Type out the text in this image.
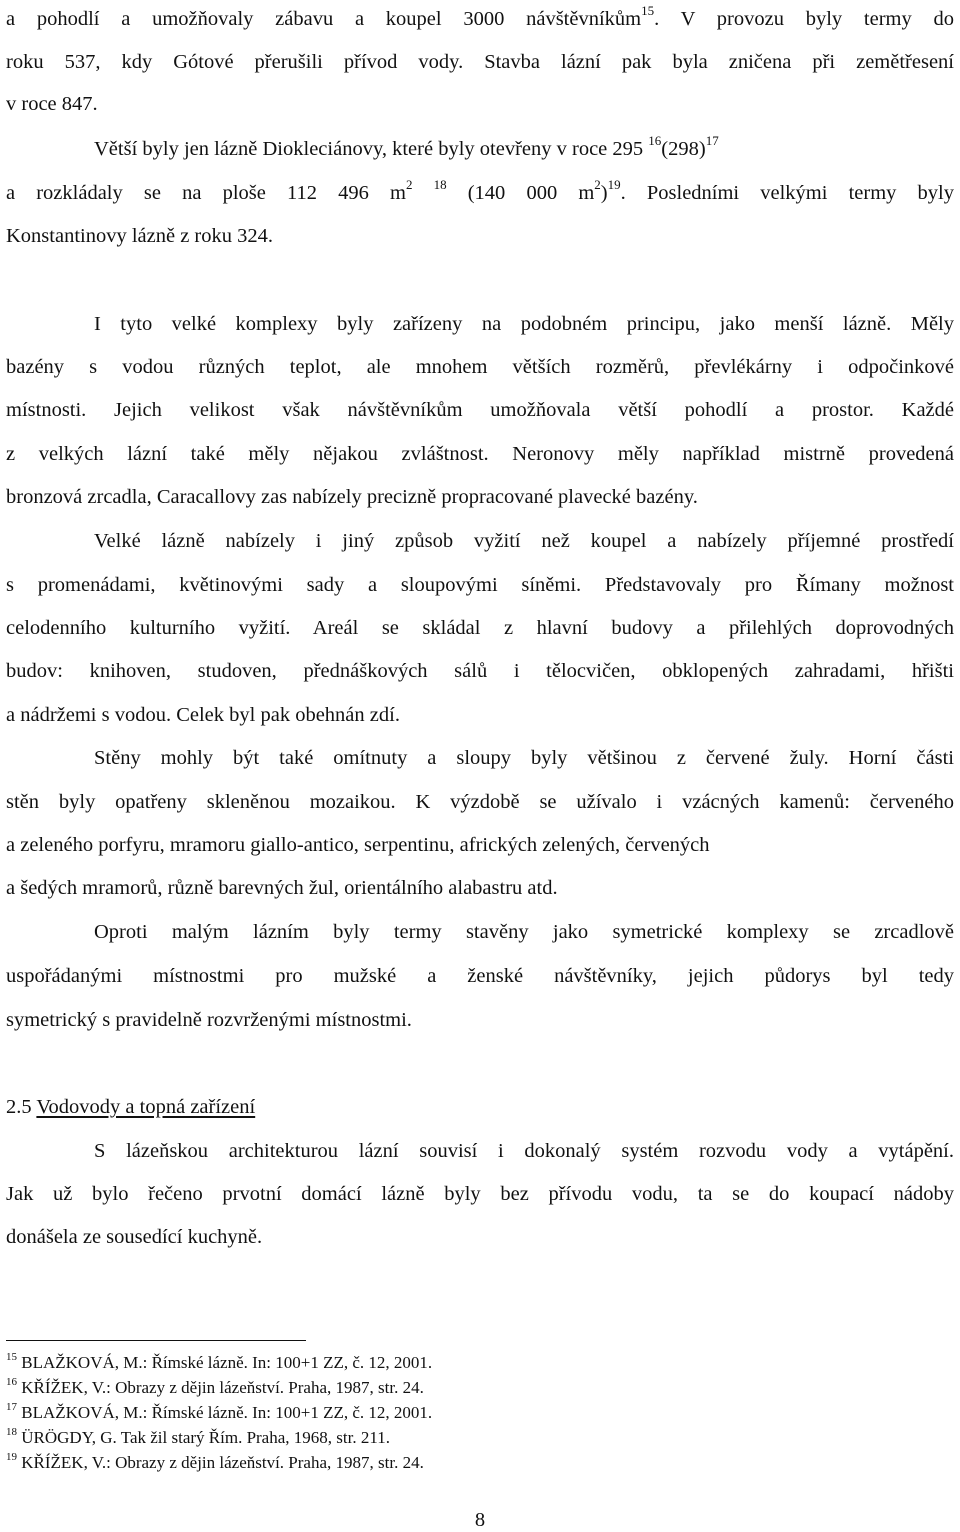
a pohodlí a umožňovaly zábavu a koupel 3000 návštěvníkům$^{15}$. V provozu byly termy do
roku 537, kdy Gótové přerušili přívod vody. Stavba lázní pak byla zničena při zemětřesení
v roce 847.
Větší byly jen lázně Diokleciánovy, které byly otevřeny v roce 295 $^{16}(298)^{17}$
a rozkládaly se na ploše 112 496 $m^2$ $^{18}$ (140 000 $m^2)^{19}$. Posledními velkými termy byly
Konstantinovy lázně z roku 324.
I tyto velké komplexy byly zařízeny na podobném principu, jako menší lázně. Měly
bazény s vodou různých teplot, ale mnohem větších rozměrů, převlékárny i odpočinkové
místnosti. Jejich velikost však návštěvníkům umožňovala větší pohodlí a prostor. Každé
z velkých lázní také měly nějakou zvláštnost. Neronovy měly například mistrně provedená
bronzová zrcadla, Caracallovy zas nabízely precizně propracované plavecké bazény.
Velké lázně nabízely i jiný způsob vyžití než koupel a nabízely příjemné prostředí
s promenádami, květinovými sady a sloupovými síněmi. Představovaly pro Římany možnost
celodenního kulturního vyžití. Areál se skládal z hlavní budovy a přilehlých doprovodných
budov: knihoven, studoven, přednáškových sálů i tělocvičen, obklopených zahradami, hřišti
a nádržemi s vodou. Celek byl pak obehnán zdí.
Stěny mohly být také omítnuty a sloupy byly většinou z červené žuly. Horní části
stěn byly opatřeny skleněnou mozaikou. K výzdobě se užívalo i vzácných kamenů: červeného
a zeleného porfyru, mramoru giallo-antico, serpentinu, afrických zelených, červených
a šedých mramorů, různě barevných žul, orientálního alabastru atd.
Oproti malým lázním byly termy stavěny jako symetrické komplexy se zrcadlově
uspořádanými místnostmi pro mužské a ženské návštěvníky, jejich půdorys byl tedy
symetrický s pravidelně rozvrženými místnostmi.
2.5 Vodovody a topná zařízení
S lázeňskou architekturou lázní souvisí i dokonalý systém rozvodu vody a vytápění.
Jak už bylo řečeno prvotní domácí lázně byly bez přívodu vodu, ta se do koupací nádoby
donášela ze sousedící kuchyně.
$^{15}$ BLAŽKOVÁ, M.: Římské lázně. In: 100+1 ZZ, č. 12, 2001.
$^{16}$ KŘÍŽEK, V.: Obrazy z dějin lázeňství. Praha, 1987, str. 24.
$^{17}$ BLAŽKOVÁ, M.: Římské lázně. In: 100+1 ZZ, č. 12, 2001.
$^{18}$ ÜRÖGDY, G. Tak žil starý Řím. Praha, 1968, str. 211.
$^{19}$ KŘÍŽEK, V.: Obrazy z dějin lázeňství. Praha, 1987, str. 24.
8
